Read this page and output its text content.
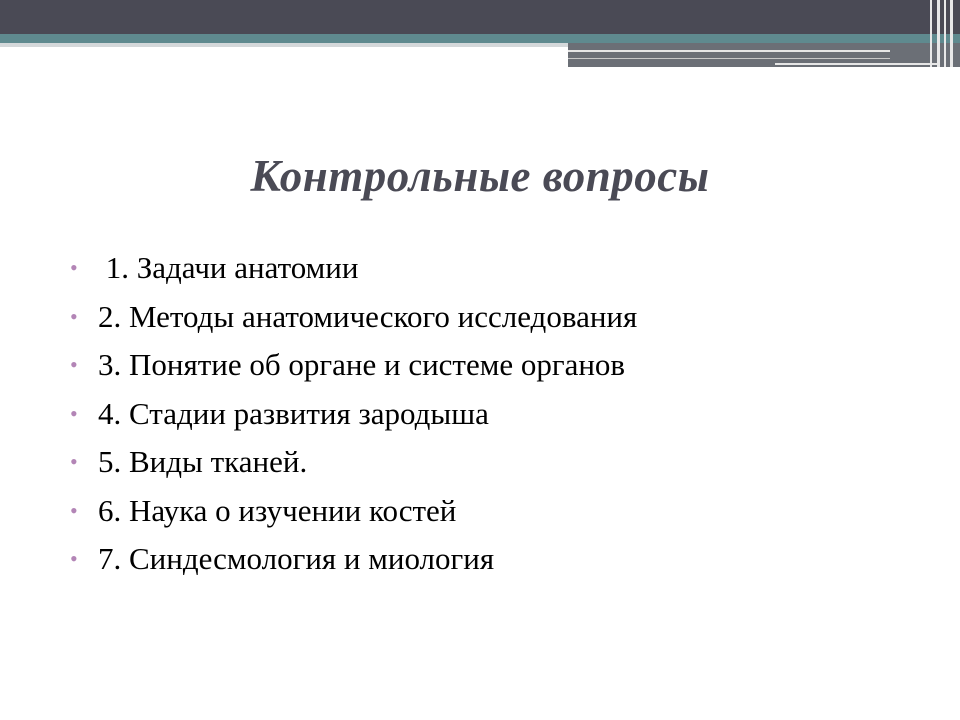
Контрольные вопросы
• 1. Задачи анатомии
• 2. Методы анатомического исследования
• 3. Понятие об органе и системе органов
• 4. Стадии развития зародыша
• 5. Виды тканей.
• 6. Наука о изучении костей
• 7. Синдесмология и миология
